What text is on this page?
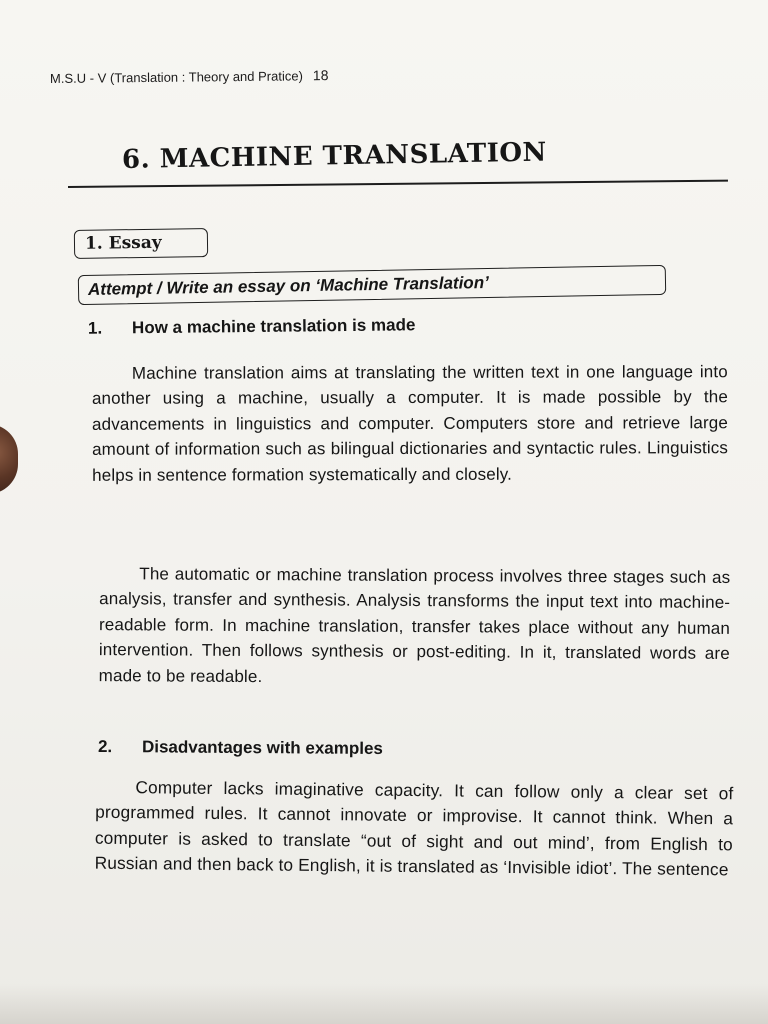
M.S.U - V (Translation : Theory and Pratice) 18
6. MACHINE TRANSLATION
1. Essay
Attempt / Write an essay on ‘Machine Translation’
1. How a machine translation is made

Machine translation aims at translating the written text in one language into another using a machine, usually a computer. It is made possible by the advancements in linguistics and computer. Computers store and retrieve large amount of information such as bilingual dictionaries and syntactic rules. Linguistics helps in sentence formation systematically and closely.

The automatic or machine translation process involves three stages such as analysis, transfer and synthesis. Analysis transforms the input text into machine-readable form. In machine translation, transfer takes place without any human intervention. Then follows synthesis or post-editing. In it, translated words are made to be readable.

2. Disadvantages with examples

Computer lacks imaginative capacity. It can follow only a clear set of programmed rules. It cannot innovate or improvise. It cannot think. When a computer is asked to translate “out of sight and out mind’, from English to Russian and then back to English, it is translated as ‘Invisible idiot’. The sentence
